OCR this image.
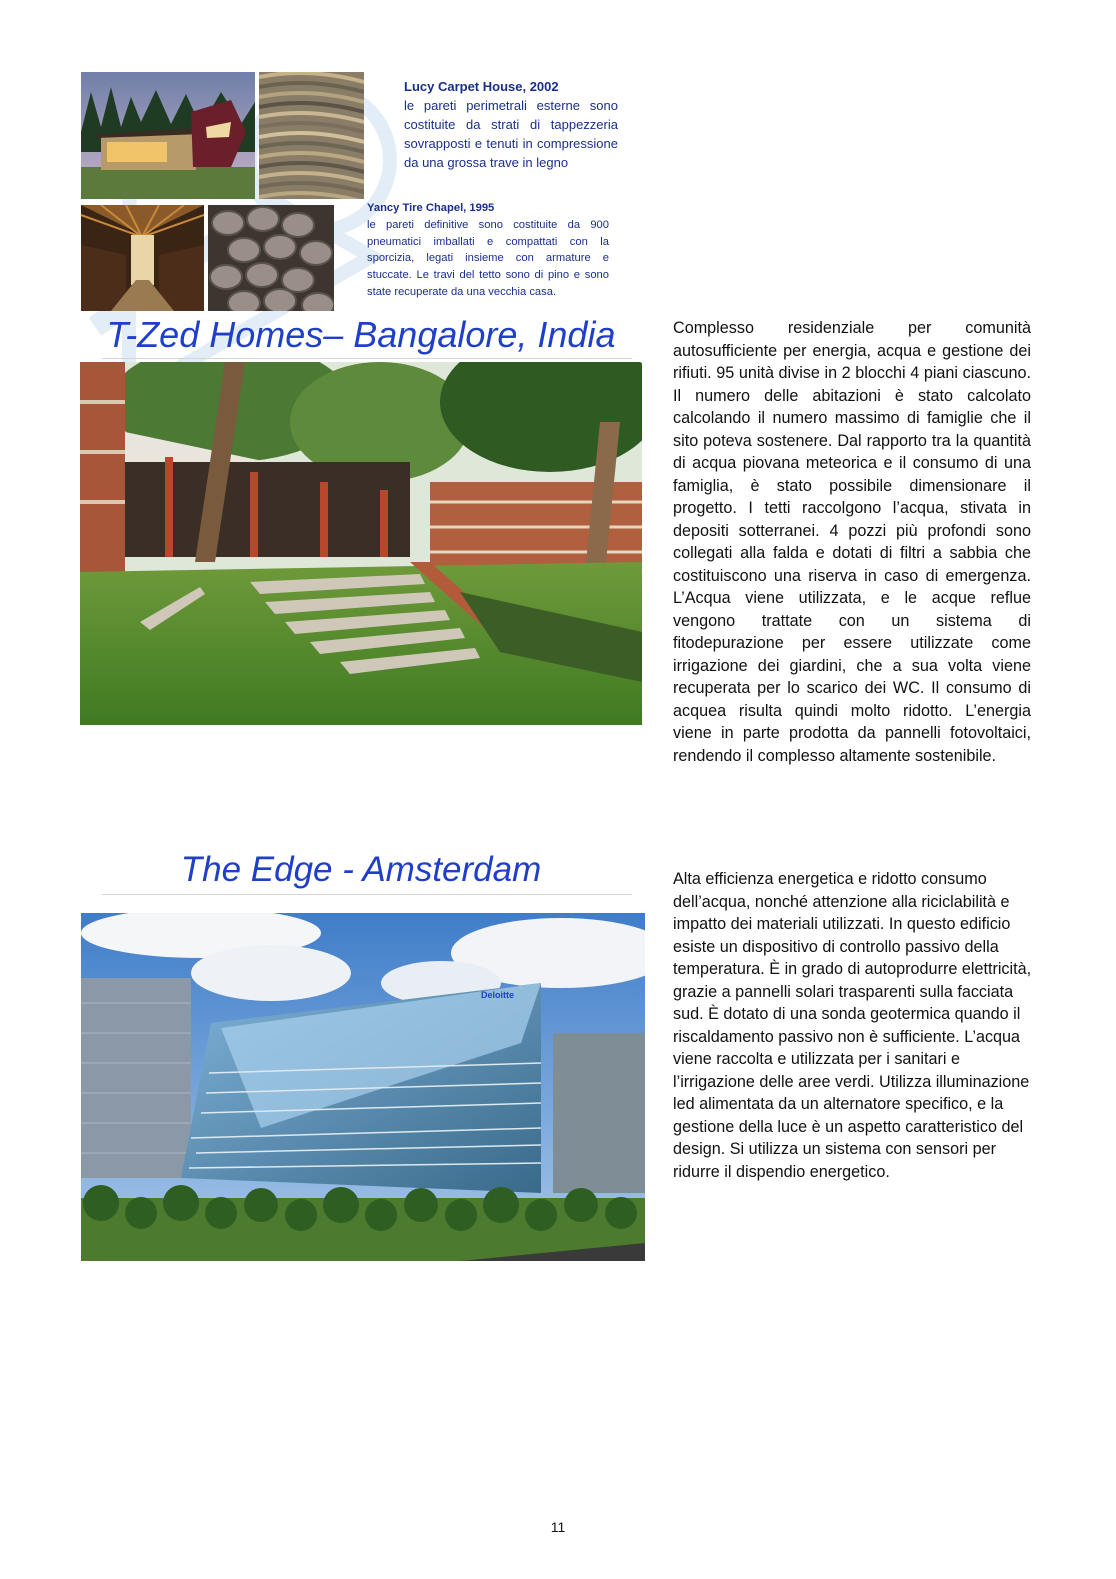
Lucy Carpet House, 2002
le pareti perimetrali esterne sono costituite da strati di tappezzeria sovrapposti e tenuti in compressione da una grossa trave in legno
Yancy Tire Chapel, 1995
le pareti definitive sono costituite da 900 pneumatici imballati e compattati con la sporcizia, legati insieme con armature e stuccate. Le travi del tetto sono di pino e sono state recuperate da una vecchia casa.
T-Zed Homes– Bangalore, India	Complesso residenziale per comunità autosufficiente per energia, acqua e gestione dei rifiuti. 95 unità divise in 2 blocchi 4 piani ciascuno. Il numero delle abitazioni è stato calcolato calcolando il numero massimo di famiglie che il sito poteva sostenere. Dal rapporto tra la quantità di acqua piovana meteorica e il consumo di una famiglia, è stato possibile dimensionare il progetto. I tetti raccolgono l’acqua, stivata in depositi sotterranei. 4 pozzi più profondi sono collegati alla falda e dotati di filtri a sabbia che costituiscono una riserva in caso di emergenza. L’Acqua viene utilizzata, e le acque reflue vengono trattate con un sistema di fitodepurazione per essere utilizzate come irrigazione dei giardini, che a sua volta viene recuperata per lo scarico dei WC. Il consumo di acquea risulta quindi molto ridotto. L’energia viene in parte prodotta da pannelli fotovoltaici, rendendo il complesso altamente sostenibile.
The Edge - Amsterdam
Deloitte
Alta efficienza energetica e ridotto consumo dell’acqua, nonché attenzione alla riciclabilità e impatto dei materiali utilizzati. In questo edificio esiste un dispositivo di controllo passivo della temperatura. È in grado di autoprodurre elettricità, grazie a pannelli solari trasparenti sulla facciata sud. È dotato di una sonda geotermica quando il riscaldamento passivo non è sufficiente. L’acqua viene raccolta e utilizzata per i sanitari e l’irrigazione delle aree verdi. Utilizza illuminazione led alimentata da un alternatore specifico, e la gestione della luce è un aspetto caratteristico del design. Si utilizza un sistema con sensori per ridurre il dispendio energetico.
11
